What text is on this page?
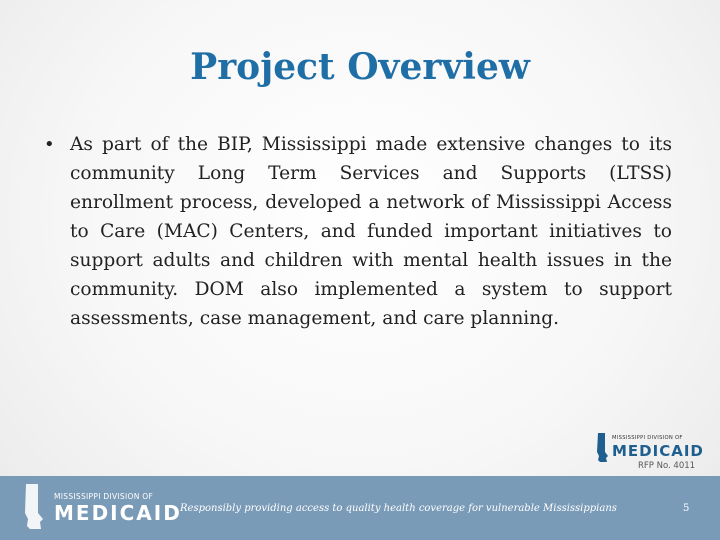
Project Overview
• As part of the BIP, Mississippi made extensive changes to its community Long Term Services and Supports (LTSS) enrollment process, developed a network of Mississippi Access to Care (MAC) Centers, and funded important initiatives to support adults and children with mental health issues in the community. DOM also implemented a system to support assessments, case management, and care planning.
MISSISSIPPI DIVISION OF
MEDICAID
RFP No. 4011
MISSISSIPPI DIVISION OF
MEDICAID
Responsibly providing access to quality health coverage for vulnerable Mississippians	5
